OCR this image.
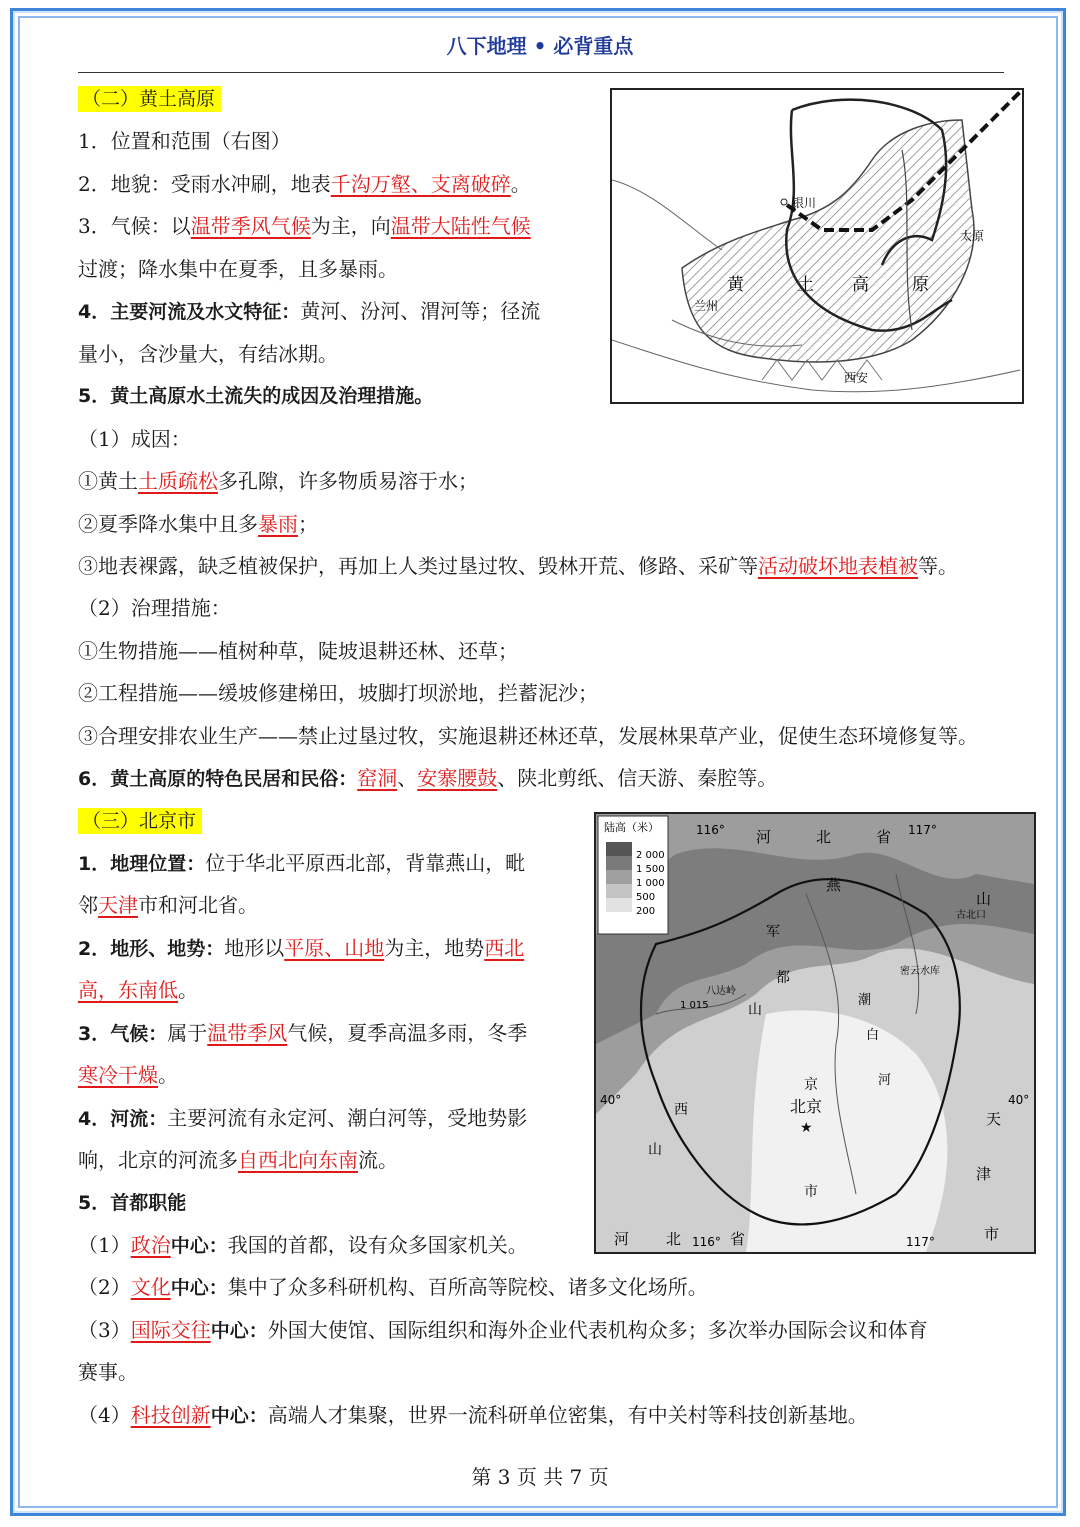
八下地理 • 必背重点
（二）黄土高原
1．位置和范围（右图）
2．地貌：受雨水冲刷，地表千沟万壑、支离破碎。
3．气候：以温带季风气候为主，向温带大陆性气候
过渡；降水集中在夏季，且多暴雨。
4．主要河流及水文特征：黄河、汾河、渭河等；径流
量小，含沙量大，有结冰期。
5．黄土高原水土流失的成因及治理措施。
（1）成因：
①黄土土质疏松多孔隙，许多物质易溶于水；
②夏季降水集中且多暴雨；
③地表裸露，缺乏植被保护，再加上人类过垦过牧、毁林开荒、修路、采矿等活动破坏地表植被等。
（2）治理措施：
①生物措施——植树种草，陡坡退耕还林、还草；
②工程措施——缓坡修建梯田，坡脚打坝淤地，拦蓄泥沙；
③合理安排农业生产——禁止过垦过牧，实施退耕还林还草，发展林果草产业，促使生态环境修复等。
6．黄土高原的特色民居和民俗：窑洞、安寨腰鼓、陕北剪纸、信天游、秦腔等。
银川
兰州
太原
西安
黄	土 高	原
（三）北京市
1．地理位置：位于华北平原西北部，背靠燕山，毗
邻天津市和河北省。
2．地形、地势：地形以平原、山地为主，地势西北
高，东南低。
3．气候：属于温带季风气候，夏季高温多雨，冬季
寒冷干燥。
4．河流：主要河流有永定河、潮白河等，受地势影
响，北京的河流多自西北向东南流。
5．首都职能
（1）政治中心：我国的首都，设有众多国家机关。
（2）文化中心：集中了众多科研机构、百所高等院校、诸多文化场所。
（3）国际交往中心：外国大使馆、国际组织和海外企业代表机构众多；多次举办国际会议和体育
赛事。
（4）科技创新中心：高端人才集聚，世界一流科研单位密集，有中关村等科技创新基地。
陆高（米）
2 000
1 500
1 000
500
200
116°	117°
116°	117°
40°	40°
河	北	省
河 北	省
天
津
市
燕
山
军
都
山
西
山
潮
白
河
密云水库
古北口
八达岭
1 015
京
北京
★
市
第 3 页 共 7 页
